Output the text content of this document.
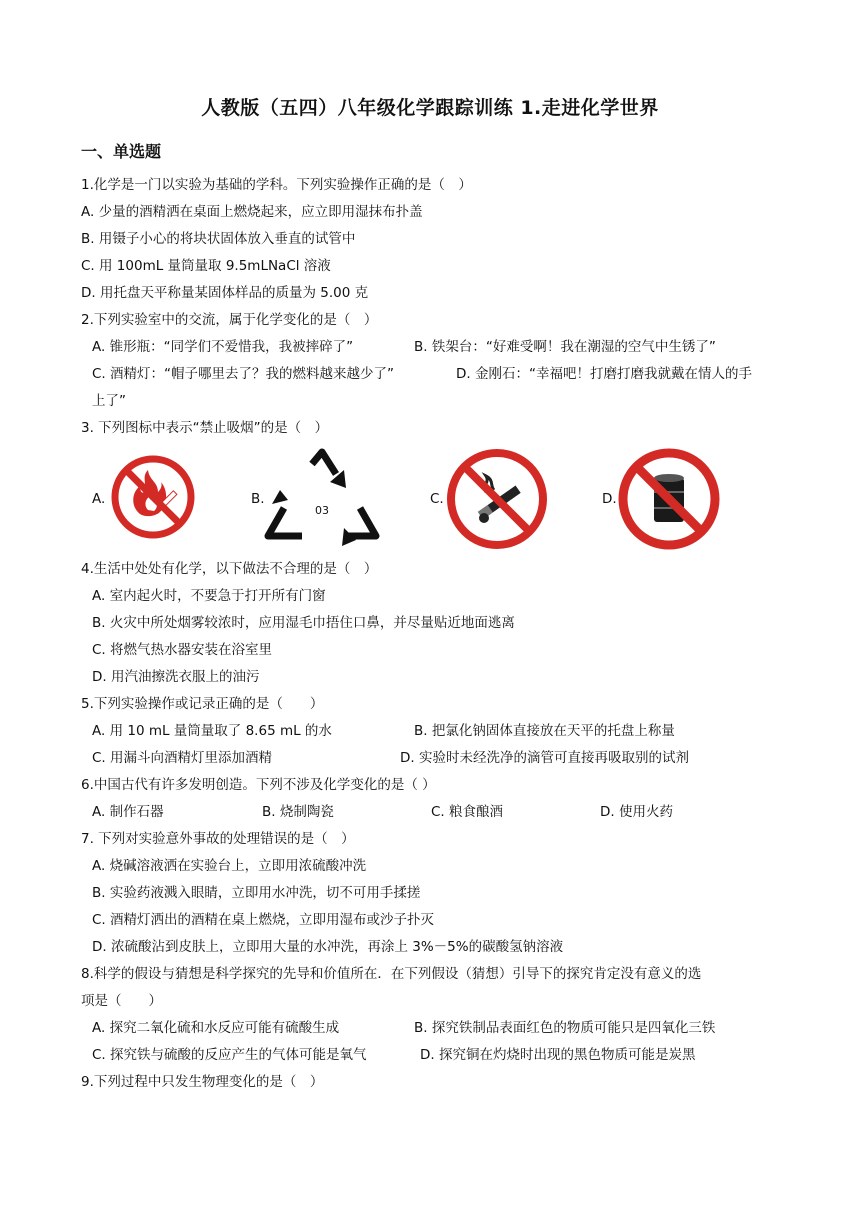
人教版（五四）八年级化学跟踪训练 1.走进化学世界
一、单选题
1.化学是一门以实验为基础的学科。下列实验操作正确的是（　）
A. 少量的酒精洒在桌面上燃烧起来，应立即用湿抹布扑盖
B. 用镊子小心的将块状固体放入垂直的试管中
C. 用 100mL 量筒量取 9.5mLNaCl 溶液
D. 用托盘天平称量某固体样品的质量为 5.00 克
2.下列实验室中的交流，属于化学变化的是（　）
A. 锥形瓶：“同学们不爱惜我，我被摔碎了”	B. 铁架台：“好难受啊！我在潮湿的空气中生锈了”
C. 酒精灯：“帽子哪里去了？我的燃料越来越少了”	D. 金刚石：“幸福吧！打磨打磨我就戴在情人的手
上了”
3. 下列图标中表示“禁止吸烟”的是（　）
A.	B.
03
C.	D.
4.生活中处处有化学，以下做法不合理的是（　）
A. 室内起火时，不要急于打开所有门窗
B. 火灾中所处烟雾较浓时，应用湿毛巾捂住口鼻，并尽量贴近地面逃离
C. 将燃气热水器安装在浴室里
D. 用汽油擦洗衣服上的油污
5.下列实验操作或记录正确的是（　　）
A. 用 10 mL 量筒量取了 8.65 mL 的水	B. 把氯化钠固体直接放在天平的托盘上称量
C. 用漏斗向酒精灯里添加酒精	D. 实验时未经洗净的滴管可直接再吸取别的试剂
6.中国古代有许多发明创造。下列不涉及化学变化的是（ ）
A. 制作石器	B. 烧制陶瓷	C. 粮食酿酒	D. 使用火药
7. 下列对实验意外事故的处理错误的是（　）
A. 烧碱溶液洒在实验台上，立即用浓硫酸冲洗
B. 实验药液溅入眼睛，立即用水冲洗，切不可用手揉搓
C. 酒精灯洒出的酒精在桌上燃烧，立即用湿布或沙子扑灭
D. 浓硫酸沾到皮肤上，立即用大量的水冲洗，再涂上 3%－5%的碳酸氢钠溶液
8.科学的假设与猜想是科学探究的先导和价值所在．在下列假设（猜想）引导下的探究肯定没有意义的选
项是（　　）
A. 探究二氧化硫和水反应可能有硫酸生成	B. 探究铁制品表面红色的物质可能只是四氧化三铁
C. 探究铁与硫酸的反应产生的气体可能是氧气	D. 探究铜在灼烧时出现的黑色物质可能是炭黑
9.下列过程中只发生物理变化的是（　）
